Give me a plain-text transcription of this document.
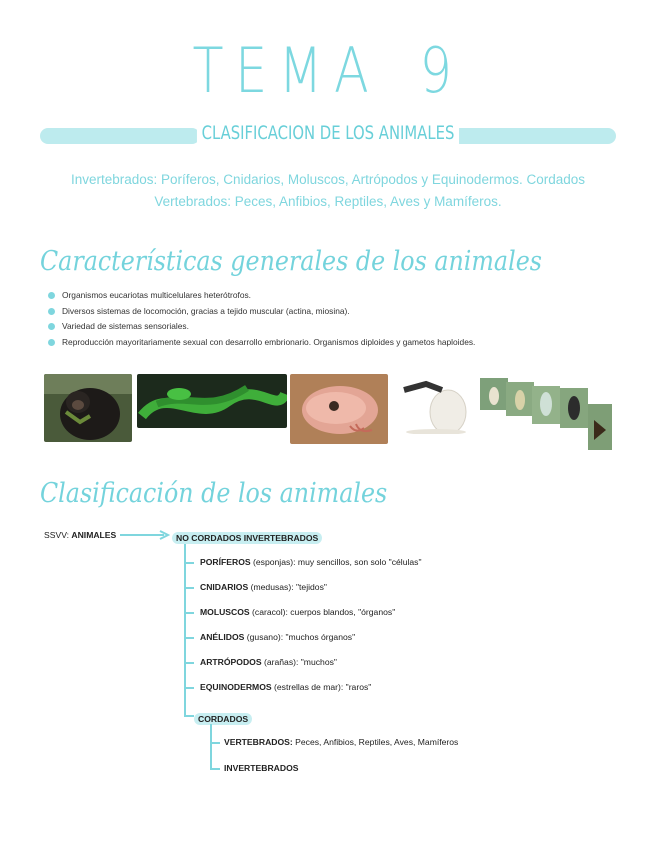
TEMA 9
CLASIFICACION DE LOS ANIMALES
Invertebrados: Poríferos, Cnidarios, Moluscos, Artrópodos y Equinodermos. Cordados
Vertebrados: Peces, Anfibios, Reptiles, Aves y Mamíferos.
Características generales de los animales
Organismos eucariotas multicelulares heterótrofos.
Diversos sistemas de locomoción, gracias a tejido muscular (actina, miosina).
Variedad de sistemas sensoriales.
Reproducción mayoritariamente sexual con desarrollo embrionario. Organismos diploides y gametos haploides.
Clasificación de los animales
SSVV: ANIMALES	NO CORDADOS INVERTEBRADOS
PORÍFEROS (esponjas): muy sencillos, son solo "células"
CNIDARIOS (medusas): "tejidos"
MOLUSCOS (caracol): cuerpos blandos, "órganos"
ANÉLIDOS (gusano): "muchos órganos"
ARTRÓPODOS (arañas): "muchos"
EQUINODERMOS (estrellas de mar): "raros"
CORDADOS
VERTEBRADOS: Peces, Anfibios, Reptiles, Aves, Mamíferos
INVERTEBRADOS
